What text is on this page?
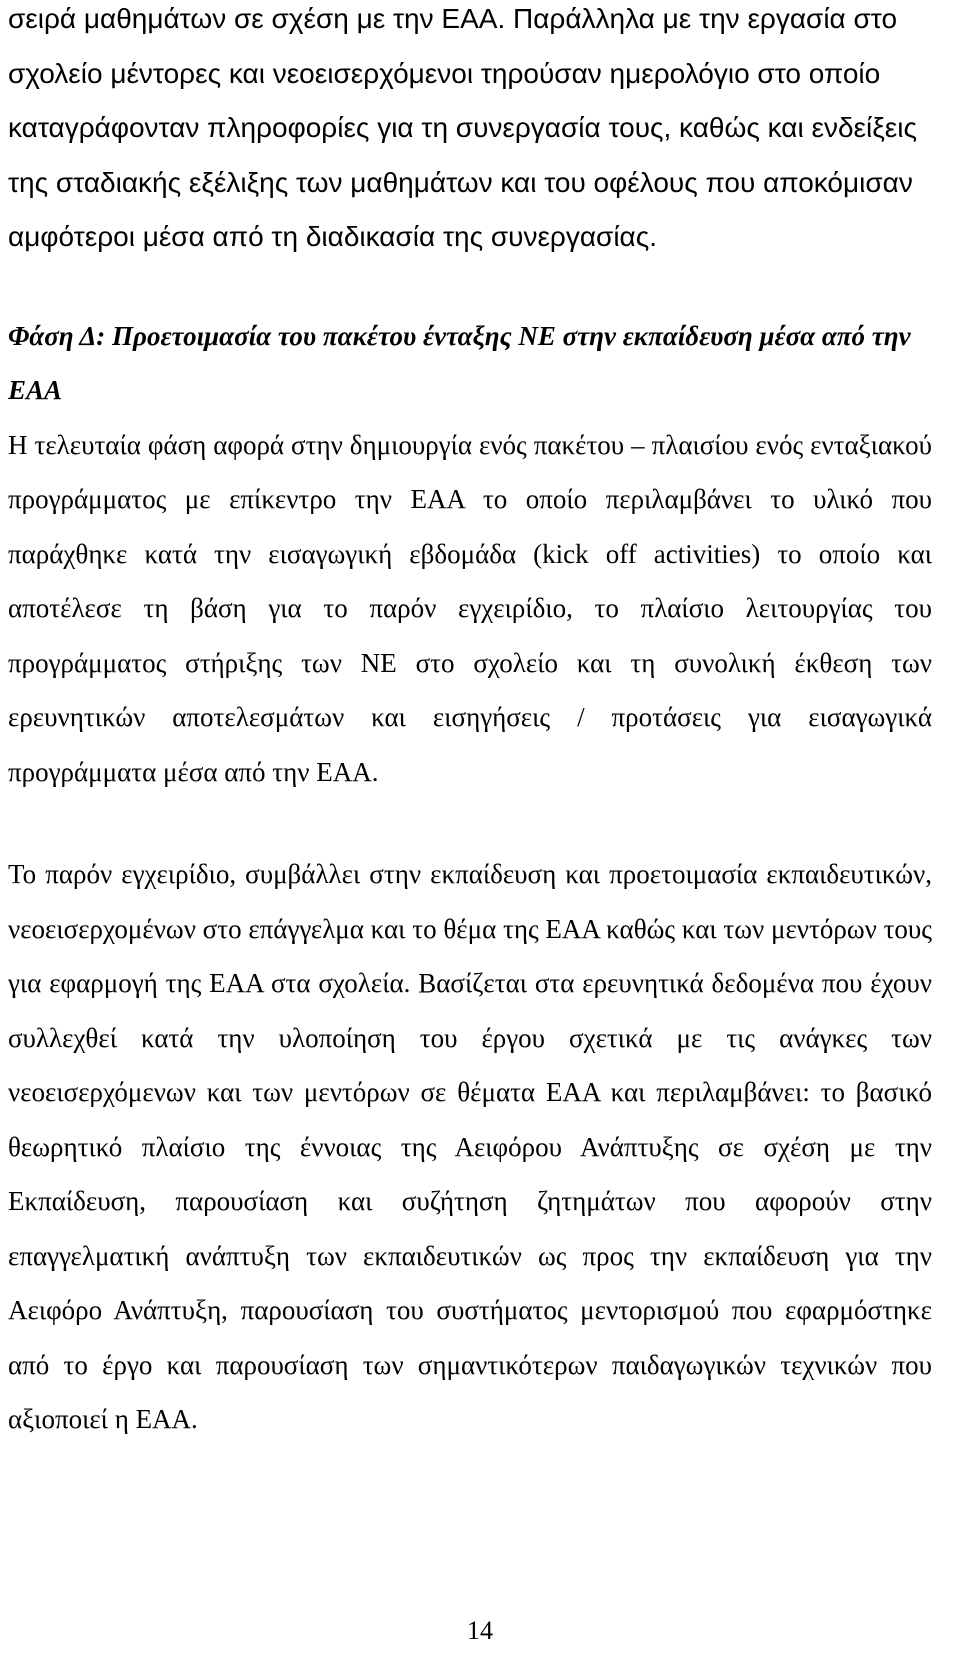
σειρά μαθημάτων σε σχέση με την ΕΑΑ. Παράλληλα με την εργασία στο σχολείο μέντορες και νεοεισερχόμενοι τηρούσαν ημερολόγιο στο οποίο καταγράφονταν πληροφορίες για τη συνεργασία τους, καθώς και ενδείξεις της σταδιακής εξέλιξης των μαθημάτων και του οφέλους που αποκόμισαν αμφότεροι μέσα από τη διαδικασία της συνεργασίας.

Φάση Δ: Προετοιμασία του πακέτου ένταξης ΝΕ στην εκπαίδευση μέσα από την ΕΑΑ

Η τελευταία φάση αφορά στην δημιουργία ενός πακέτου – πλαισίου ενός ενταξιακού προγράμματος με επίκεντρο την ΕΑΑ το οποίο περιλαμβάνει το υλικό που παράχθηκε κατά την εισαγωγική εβδομάδα (kick off activities) το οποίο και αποτέλεσε τη βάση για το παρόν εγχειρίδιο, το πλαίσιο λειτουργίας του προγράμματος στήριξης των ΝΕ στο σχολείο και τη συνολική έκθεση των ερευνητικών αποτελεσμάτων και εισηγήσεις / προτάσεις για εισαγωγικά προγράμματα μέσα από την ΕΑΑ.

Το παρόν εγχειρίδιο, συμβάλλει στην εκπαίδευση και προετοιμασία εκπαιδευτικών, νεοεισερχομένων στο επάγγελμα και το θέμα της ΕΑΑ καθώς και των μεντόρων τους για εφαρμογή της ΕΑΑ στα σχολεία. Βασίζεται στα ερευνητικά δεδομένα που έχουν συλλεχθεί κατά την υλοποίηση του έργου σχετικά με τις ανάγκες των νεοεισερχόμενων και των μεντόρων σε θέματα ΕΑΑ και περιλαμβάνει: το βασικό θεωρητικό πλαίσιο της έννοιας της Αειφόρου Ανάπτυξης σε σχέση με την Εκπαίδευση, παρουσίαση και συζήτηση ζητημάτων που αφορούν στην επαγγελματική ανάπτυξη των εκπαιδευτικών ως προς την εκπαίδευση για την Αειφόρο Ανάπτυξη, παρουσίαση του συστήματος μεντορισμού που εφαρμόστηκε από το έργο και παρουσίαση των σημαντικότερων παιδαγωγικών τεχνικών που αξιοποιεί η ΕΑΑ.

14
